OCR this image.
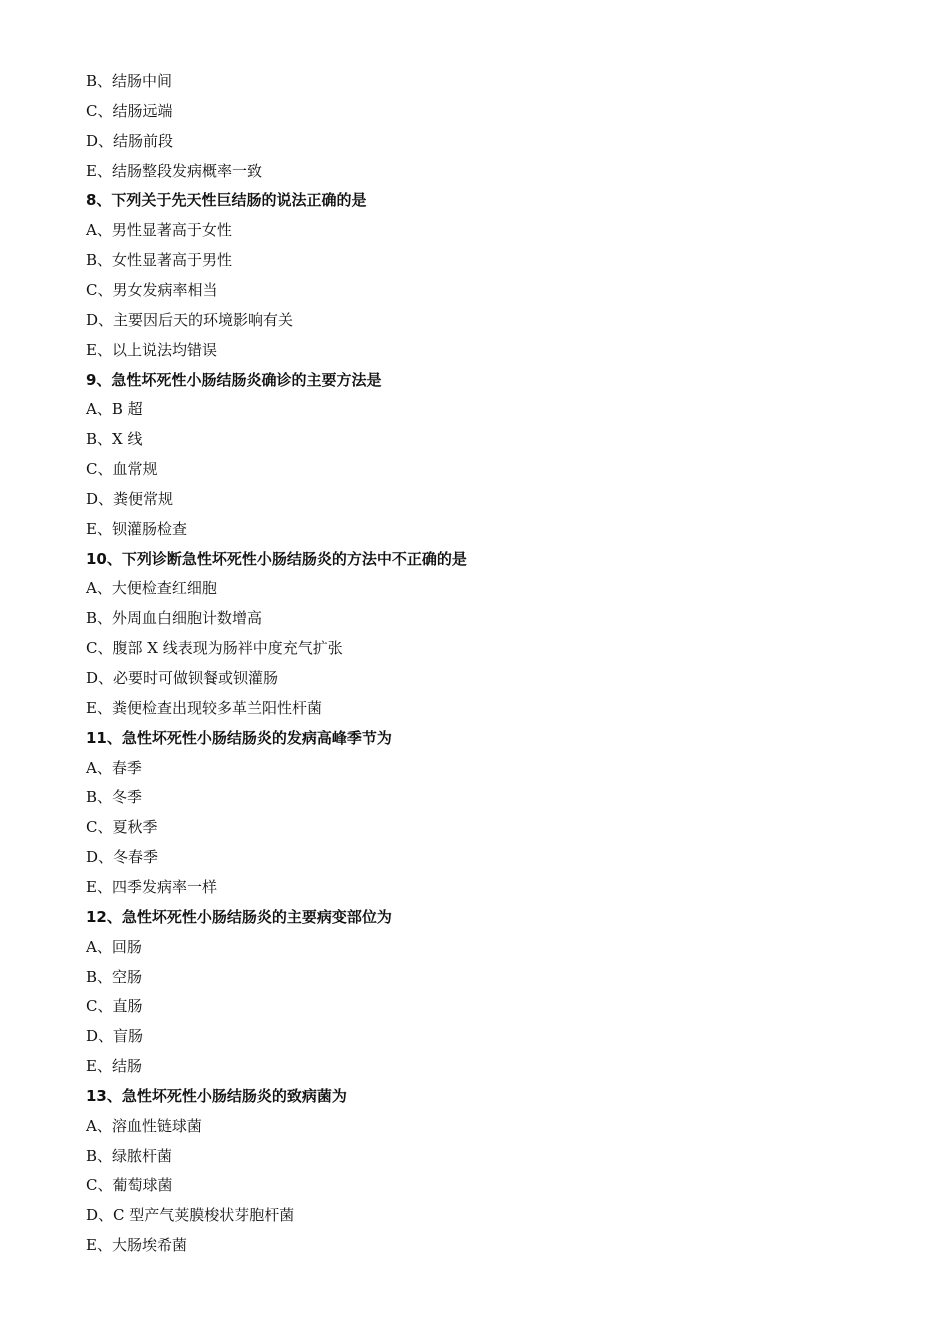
B、结肠中间
C、结肠远端
D、结肠前段
E、结肠整段发病概率一致
8、下列关于先天性巨结肠的说法正确的是
A、男性显著高于女性
B、女性显著高于男性
C、男女发病率相当
D、主要因后天的环境影响有关
E、以上说法均错误
9、急性坏死性小肠结肠炎确诊的主要方法是
A、B 超
B、X 线
C、血常规
D、粪便常规
E、钡灌肠检查
10、下列诊断急性坏死性小肠结肠炎的方法中不正确的是
A、大便检查红细胞
B、外周血白细胞计数增高
C、腹部 X 线表现为肠袢中度充气扩张
D、必要时可做钡餐或钡灌肠
E、粪便检查出现较多革兰阳性杆菌
11、急性坏死性小肠结肠炎的发病高峰季节为
A、春季
B、冬季
C、夏秋季
D、冬春季
E、四季发病率一样
12、急性坏死性小肠结肠炎的主要病变部位为
A、回肠
B、空肠
C、直肠
D、盲肠
E、结肠
13、急性坏死性小肠结肠炎的致病菌为
A、溶血性链球菌
B、绿脓杆菌
C、葡萄球菌
D、C 型产气荚膜梭状芽胞杆菌
E、大肠埃希菌
